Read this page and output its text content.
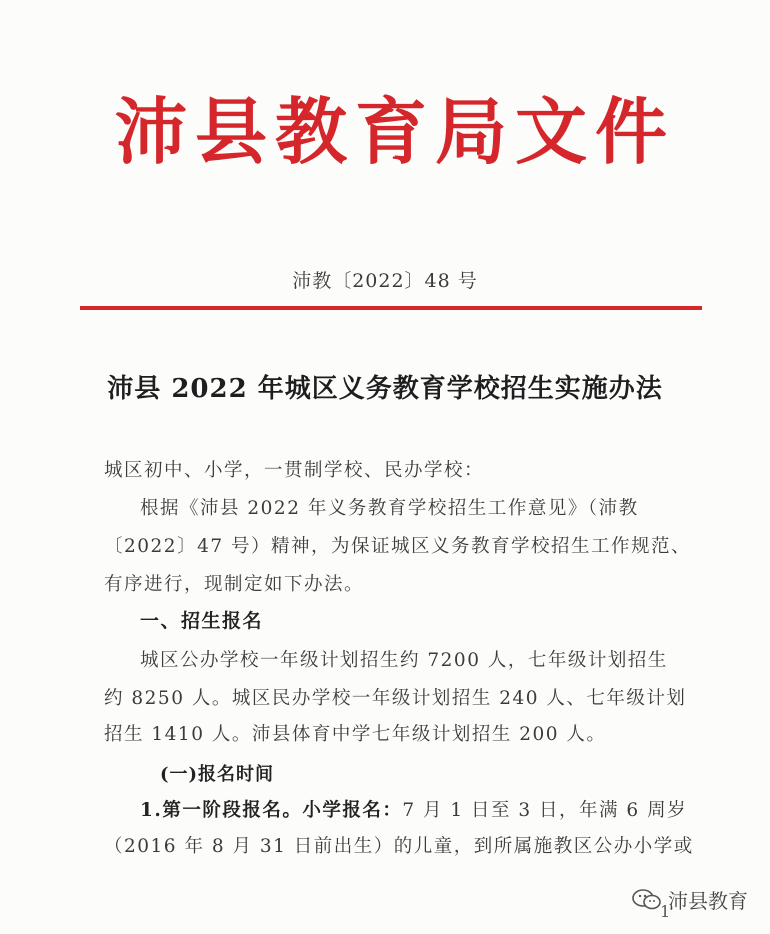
沛县教育局文件
沛教〔2022〕48 号
沛县 2022 年城区义务教育学校招生实施办法
城区初中、小学，一贯制学校、民办学校：
根据《沛县 2022 年义务教育学校招生工作意见》（沛教
〔2022〕47 号）精神，为保证城区义务教育学校招生工作规范、
有序进行，现制定如下办法。
一、招生报名
城区公办学校一年级计划招生约 7200 人，七年级计划招生
约 8250 人。城区民办学校一年级计划招生 240 人、七年级计划
招生 1410 人。沛县体育中学七年级计划招生 200 人。
(一)报名时间
1.第一阶段报名。小学报名：7 月 1 日至 3 日，年满 6 周岁
（2016 年 8 月 31 日前出生）的儿童，到所属施教区公办小学或
1
沛县教育
